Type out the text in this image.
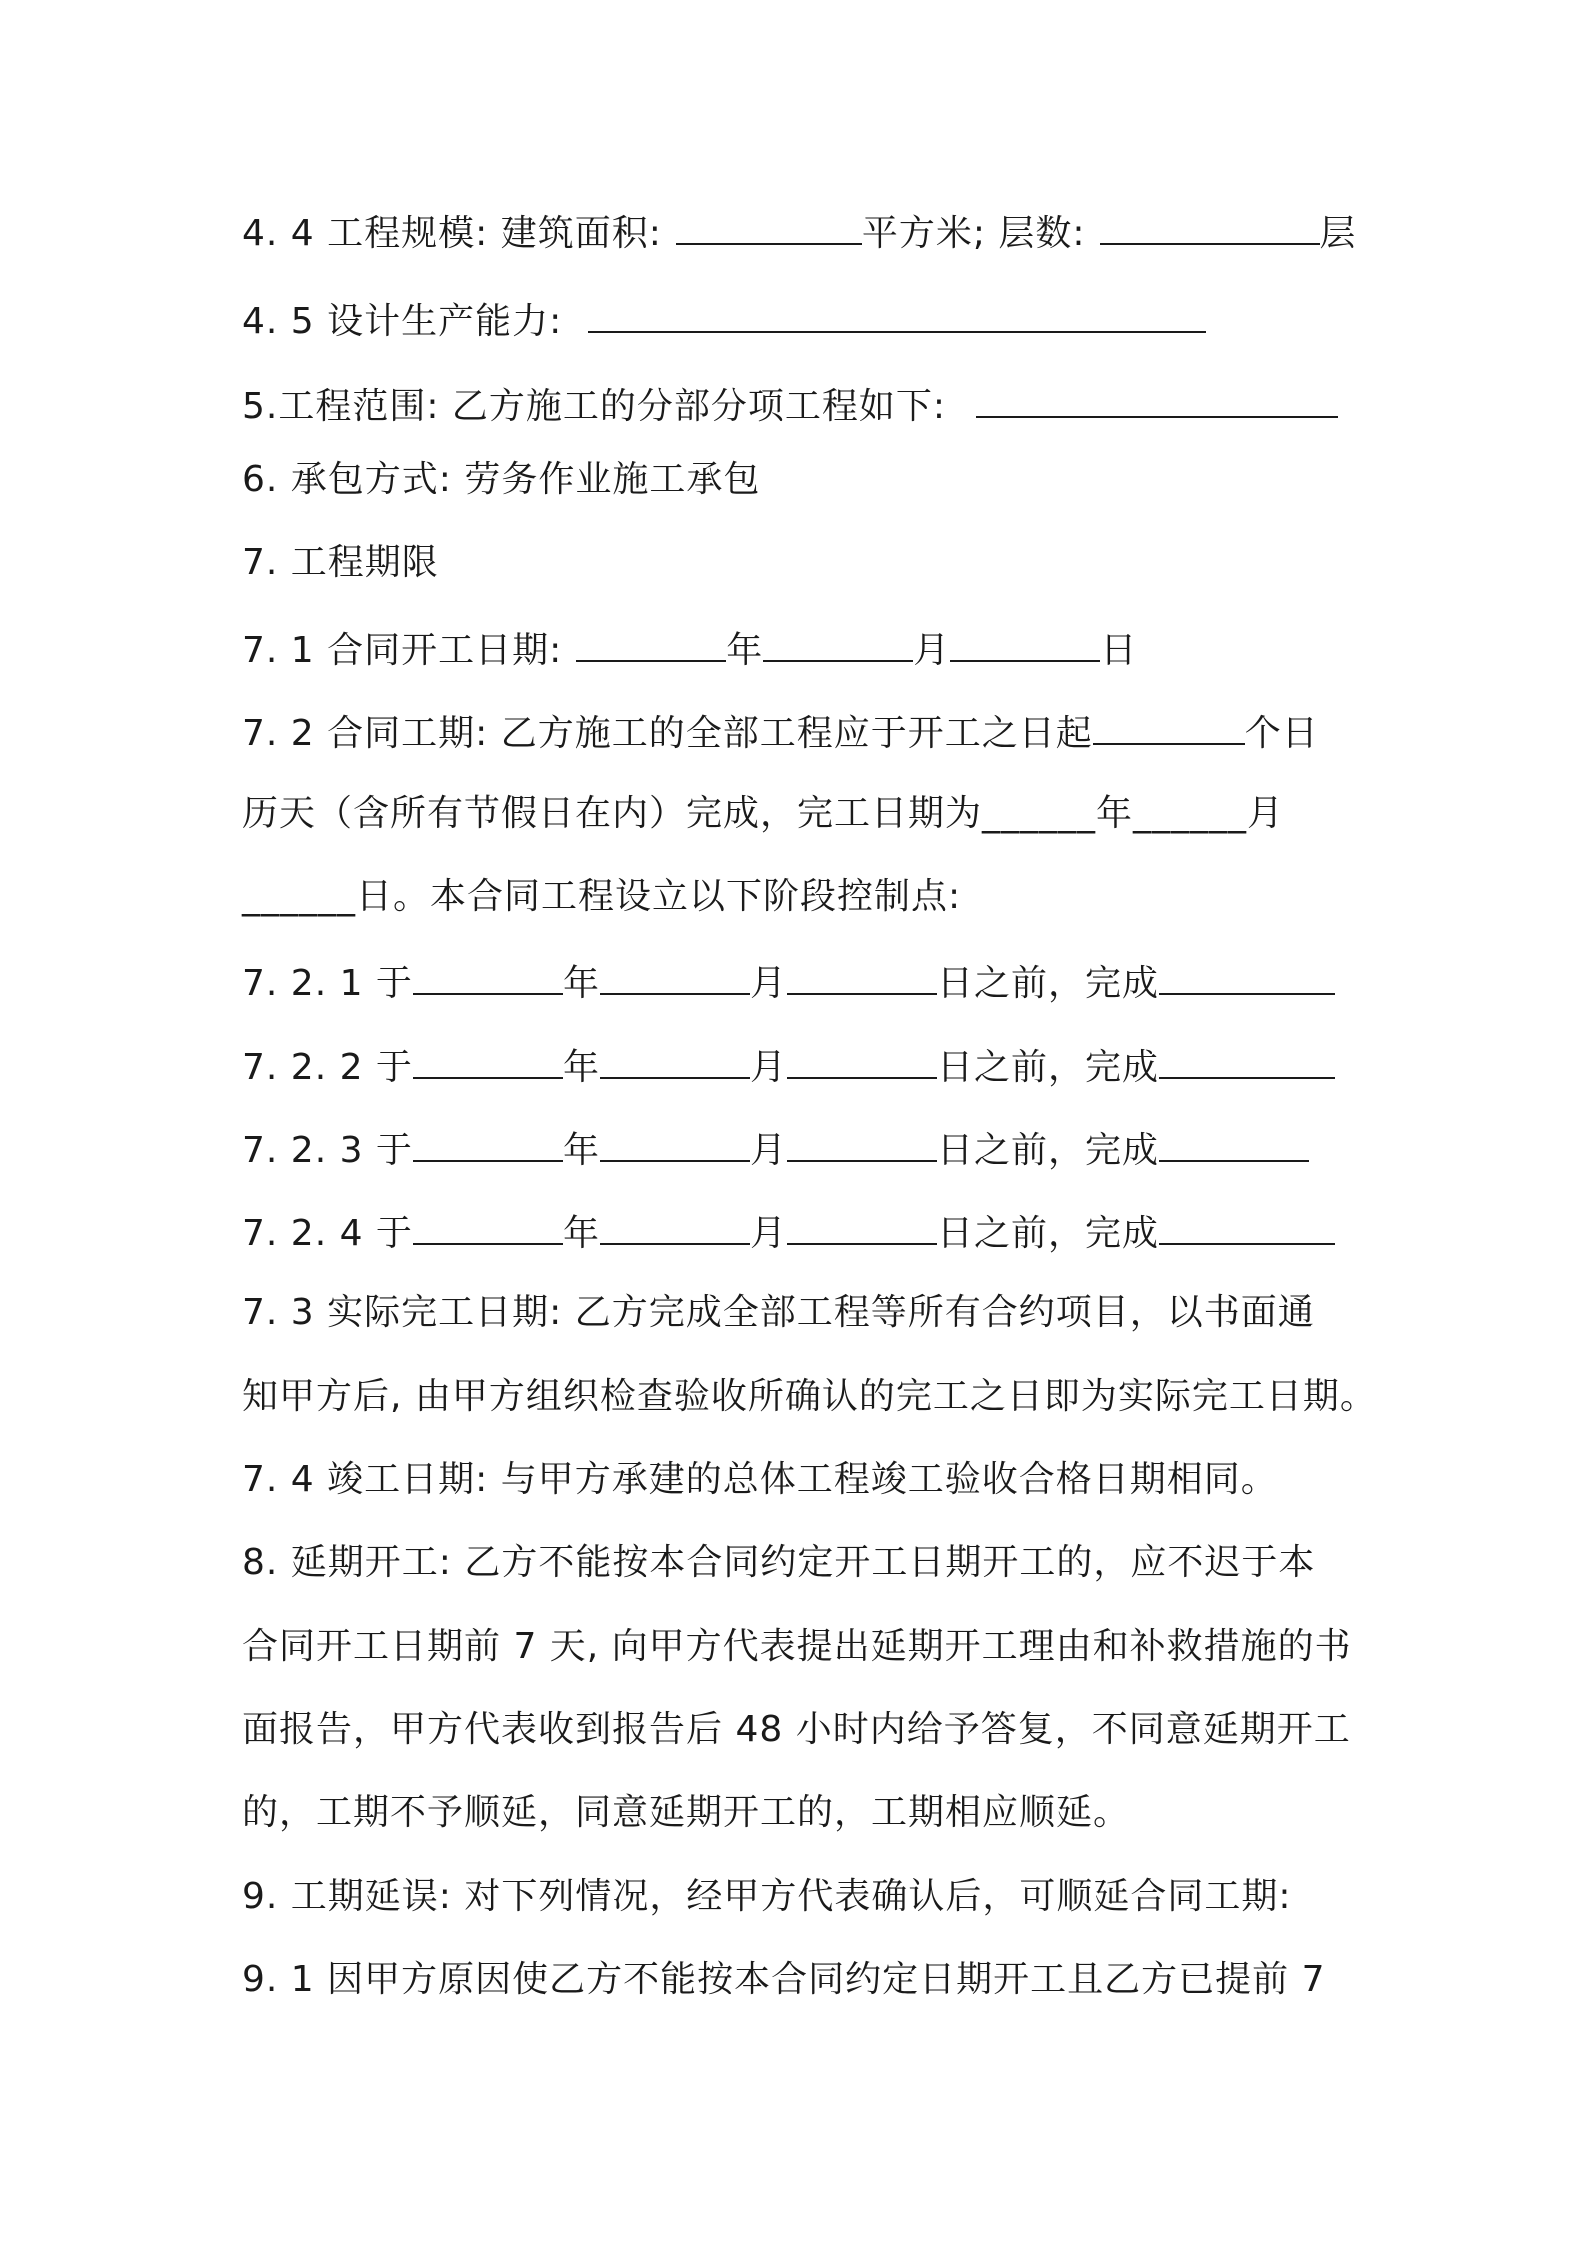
4. 4 工程规模: 建筑面积:	平方米; 层数:	层
4. 5 设计生产能力:
5.工程范围: 乙方施工的分部分项工程如下:
6. 承包方式: 劳务作业施工承包
7. 工程期限
7. 1 合同开工日期:	年	月	日
7. 2 合同工期: 乙方施工的全部工程应于开工之日起	个日
历天（含所有节假日在内）完成，完工日期为______年______月
______日。本合同工程设立以下阶段控制点:
7. 2. 1 于	年	月	日之前，完成
7. 2. 2 于	年	月	日之前，完成
7. 2. 3 于	年	月	日之前，完成
7. 2. 4 于	年	月	日之前，完成
7. 3 实际完工日期: 乙方完成全部工程等所有合约项目，以书面通
知甲方后, 由甲方组织检查验收所确认的完工之日即为实际完工日期。
7. 4 竣工日期: 与甲方承建的总体工程竣工验收合格日期相同。
8. 延期开工: 乙方不能按本合同约定开工日期开工的，应不迟于本
合同开工日期前 7 天, 向甲方代表提出延期开工理由和补救措施的书
面报告，甲方代表收到报告后 48 小时内给予答复，不同意延期开工
的，工期不予顺延，同意延期开工的，工期相应顺延。
9. 工期延误: 对下列情况，经甲方代表确认后，可顺延合同工期:
9. 1 因甲方原因使乙方不能按本合同约定日期开工且乙方已提前 7
